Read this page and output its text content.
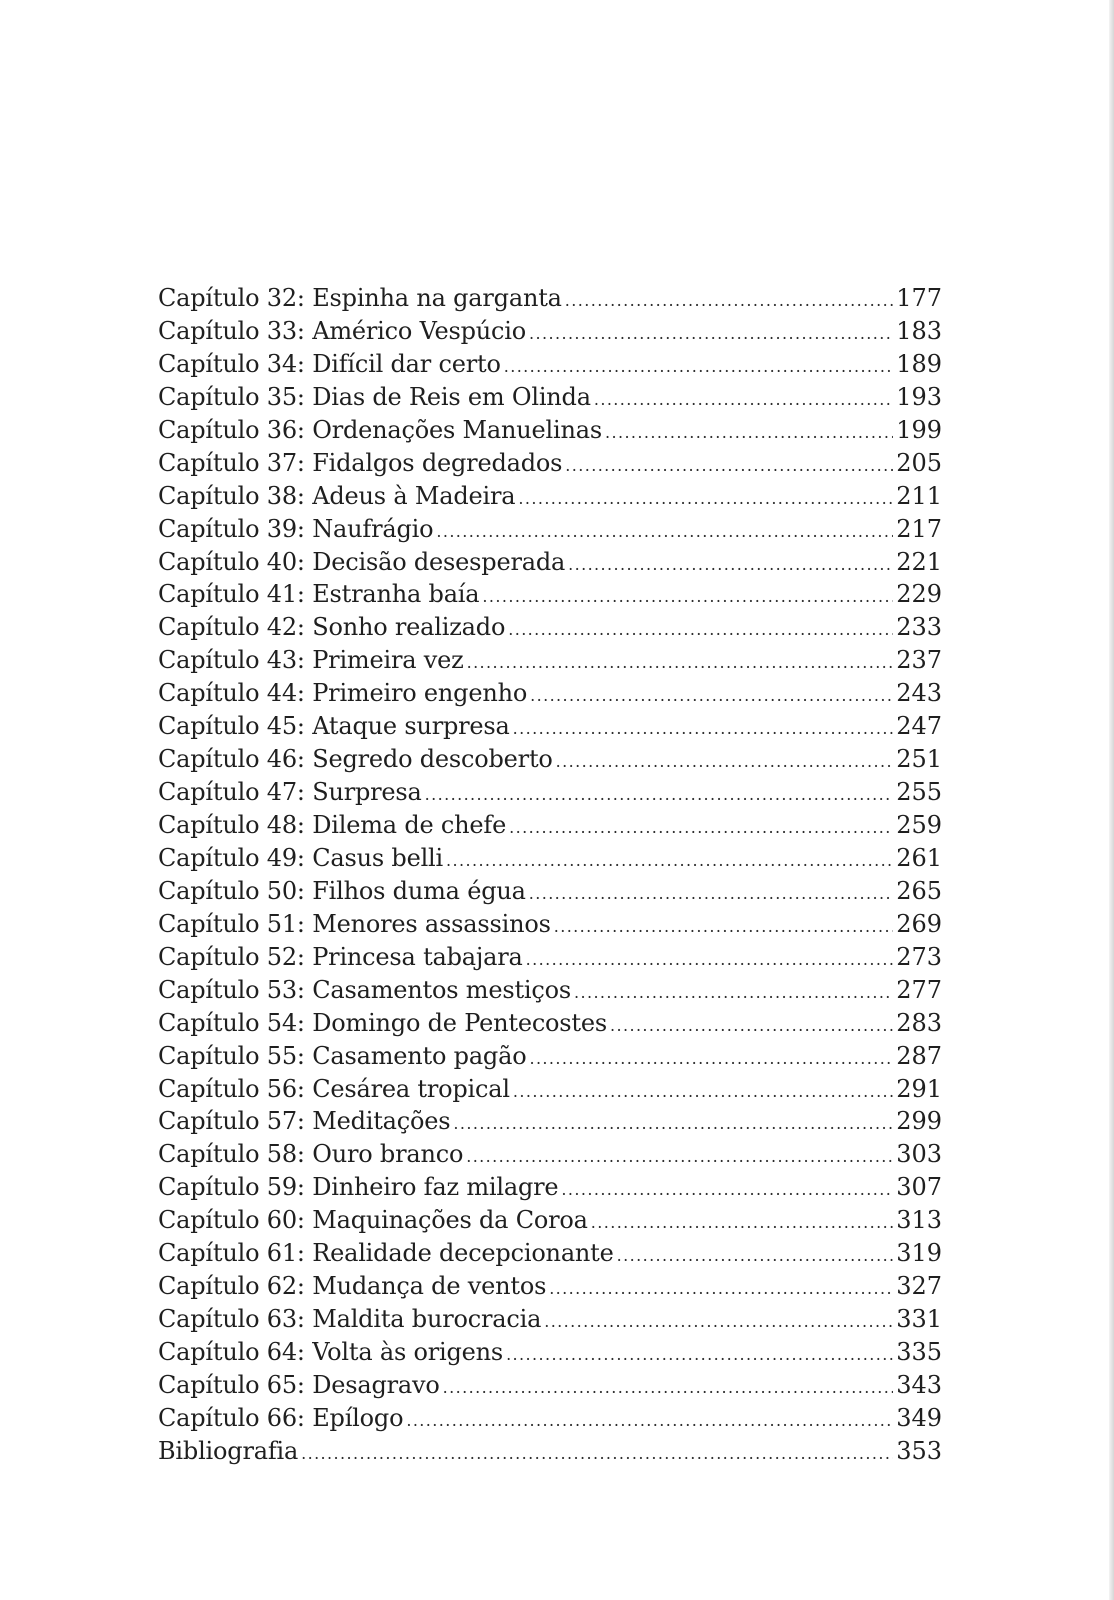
Capítulo 32: Espinha na garganta .....	177
Capítulo 33: Américo Vespúcio .....	183
Capítulo 34: Difícil dar certo .....	189
Capítulo 35: Dias de Reis em Olinda .....	193
Capítulo 36: Ordenações Manuelinas .....	199
Capítulo 37: Fidalgos degredados .....	205
Capítulo 38: Adeus à Madeira .....	211
Capítulo 39: Naufrágio .....	217
Capítulo 40: Decisão desesperada .....	221
Capítulo 41: Estranha baía .....	229
Capítulo 42: Sonho realizado .....	233
Capítulo 43: Primeira vez .....	237
Capítulo 44: Primeiro engenho .....	243
Capítulo 45: Ataque surpresa .....	247
Capítulo 46: Segredo descoberto .....	251
Capítulo 47: Surpresa .....	255
Capítulo 48: Dilema de chefe .....	259
Capítulo 49: Casus belli .....	261
Capítulo 50: Filhos duma égua .....	265
Capítulo 51: Menores assassinos .....	269
Capítulo 52: Princesa tabajara .....	273
Capítulo 53: Casamentos mestiços .....	277
Capítulo 54: Domingo de Pentecostes .....	283
Capítulo 55: Casamento pagão .....	287
Capítulo 56: Cesárea tropical .....	291
Capítulo 57: Meditações .....	299
Capítulo 58: Ouro branco .....	303
Capítulo 59: Dinheiro faz milagre .....	307
Capítulo 60: Maquinações da Coroa .....	313
Capítulo 61: Realidade decepcionante .....	319
Capítulo 62: Mudança de ventos .....	327
Capítulo 63: Maldita burocracia .....	331
Capítulo 64: Volta às origens .....	335
Capítulo 65: Desagravo .....	343
Capítulo 66: Epílogo .....	349
Bibliografia .....	353
